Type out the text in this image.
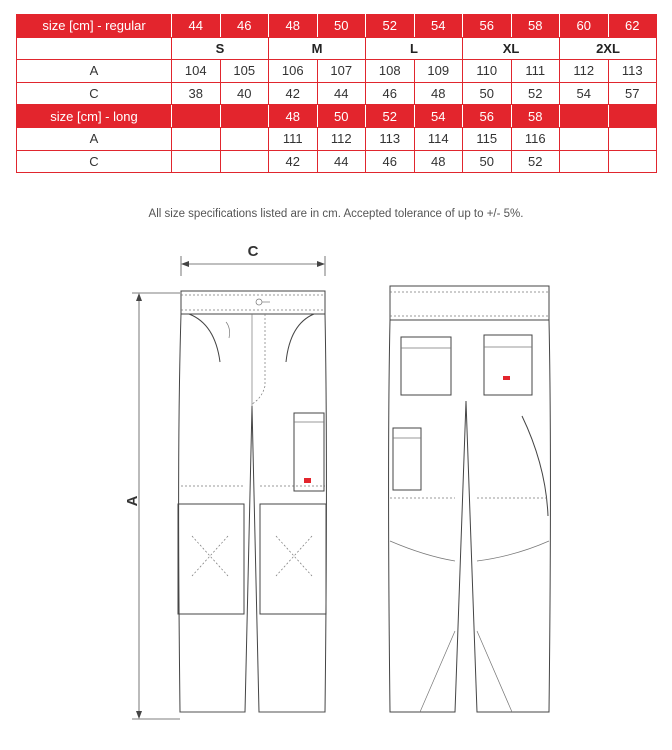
size [cm] - regular	44	46	48	50	52	54	56	58	60	62
	S		M		L		XL		2XL	
A	104	105	106	107	108	109	110	111	112	113
C	38	40	42	44	46	48	50	52	54	57
size [cm] - long			48	50	52	54	56	58		
A			111	112	113	114	115	116		
C			42	44	46	48	50	52		
All size specifications listed are in cm. Accepted tolerance of up to +/- 5%.
C
A
